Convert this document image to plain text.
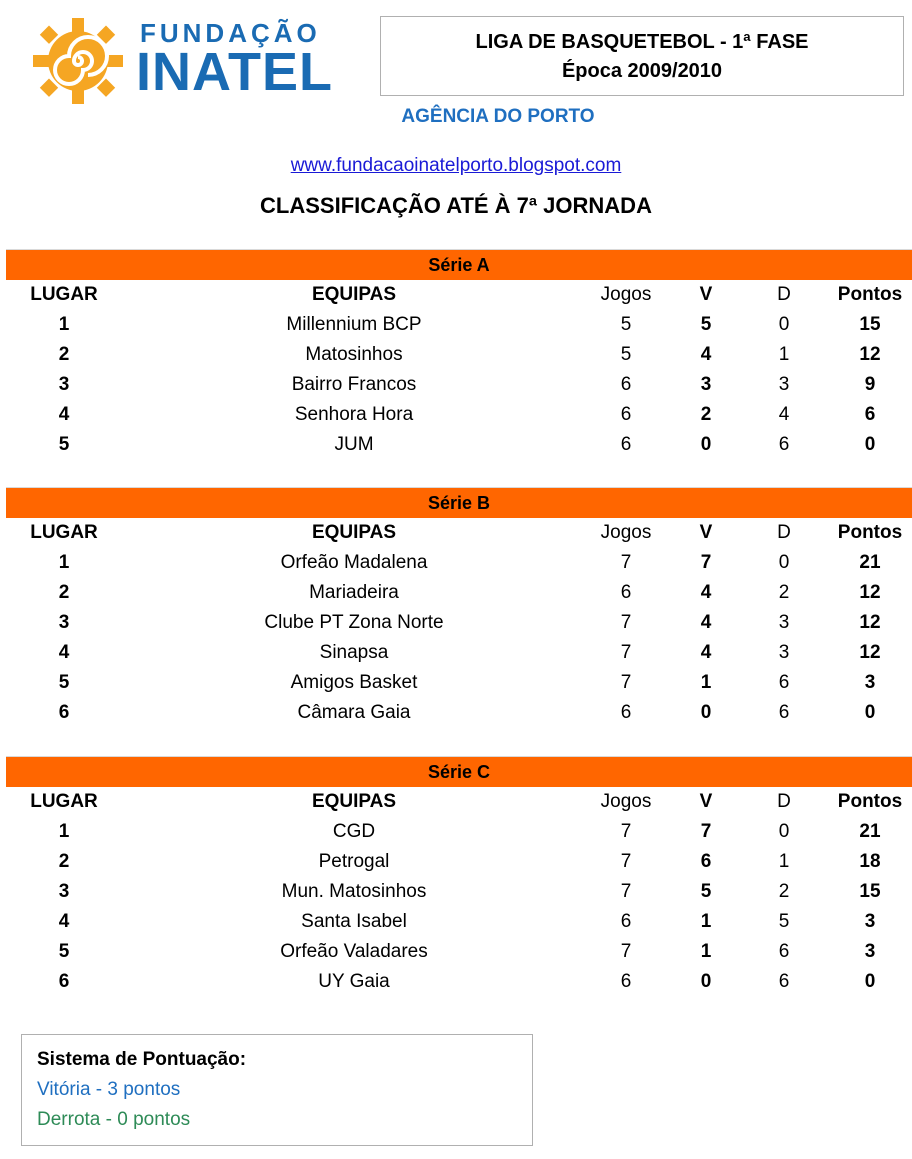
FUNDAÇÃO
INATEL	LIGA DE BASQUETEBOL - 1ª FASE
Época 2009/2010
AGÊNCIA DO PORTO
www.fundacaoinatelporto.blogspot.com
CLASSIFICAÇÃO ATÉ À 7ª JORNADA
Série A
LUGAR	EQUIPAS	Jogos	V	D	Pontos
1	Millennium BCP	5	5	0	15
2	Matosinhos	5	4	1	12
3	Bairro Francos	6	3	3	9
4	Senhora Hora	6	2	4	6
5	JUM	6	0	6	0
Série B
LUGAR	EQUIPAS	Jogos	V	D	Pontos
1	Orfeão Madalena	7	7	0	21
2	Mariadeira	6	4	2	12
3	Clube PT Zona Norte	7	4	3	12
4	Sinapsa	7	4	3	12
5	Amigos Basket	7	1	6	3
6	Câmara Gaia	6	0	6	0
Série C
LUGAR	EQUIPAS	Jogos	V	D	Pontos
1	CGD	7	7	0	21
2	Petrogal	7	6	1	18
3	Mun. Matosinhos	7	5	2	15
4	Santa Isabel	6	1	5	3
5	Orfeão Valadares	7	1	6	3
6	UY Gaia	6	0	6	0
Sistema de Pontuação:
Vitória - 3 pontos
Derrota - 0 pontos
